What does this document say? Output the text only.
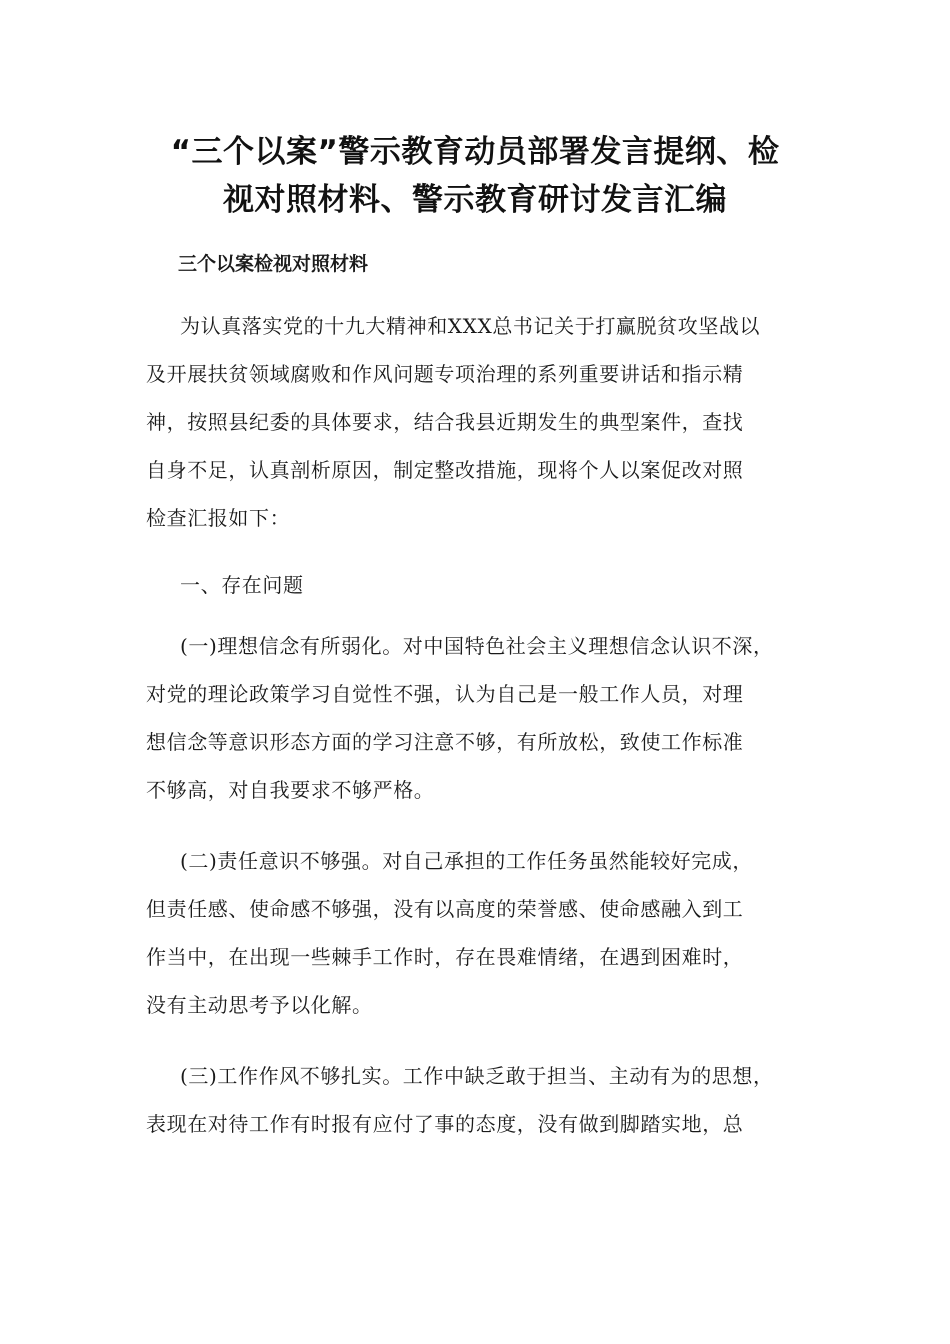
“三个以案”警示教育动员部署发言提纲、检
视对照材料、警示教育研讨发言汇编
三个以案检视对照材料
为认真落实党的十九大精神和XXX总书记关于打赢脱贫攻坚战以
及开展扶贫领域腐败和作风问题专项治理的系列重要讲话和指示精
神，按照县纪委的具体要求，结合我县近期发生的典型案件，查找
自身不足，认真剖析原因，制定整改措施，现将个人以案促改对照
检查汇报如下：
一、存在问题
(一)理想信念有所弱化。对中国特色社会主义理想信念认识不深，
对党的理论政策学习自觉性不强，认为自己是一般工作人员，对理
想信念等意识形态方面的学习注意不够，有所放松，致使工作标准
不够高，对自我要求不够严格。
(二)责任意识不够强。对自己承担的工作任务虽然能较好完成，
但责任感、使命感不够强，没有以高度的荣誉感、使命感融入到工
作当中，在出现一些棘手工作时，存在畏难情绪，在遇到困难时，
没有主动思考予以化解。
(三)工作作风不够扎实。工作中缺乏敢于担当、主动有为的思想，
表现在对待工作有时报有应付了事的态度，没有做到脚踏实地，总
